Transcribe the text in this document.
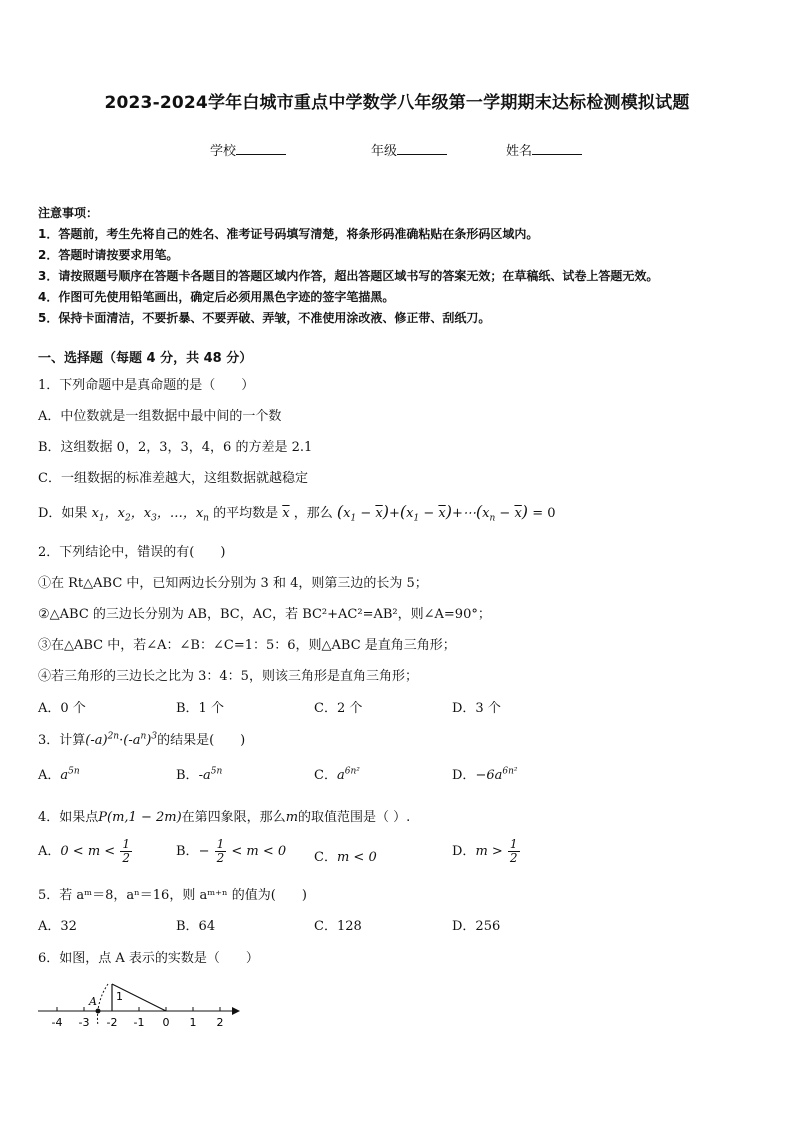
2023-2024学年白城市重点中学数学八年级第一学期期末达标检测模拟试题
学校	年级	姓名
注意事项：
1．答题前，考生先将自己的姓名、准考证号码填写清楚，将条形码准确粘贴在条形码区域内。
2．答题时请按要求用笔。
3．请按照题号顺序在答题卡各题目的答题区域内作答，超出答题区域书写的答案无效；在草稿纸、试卷上答题无效。
4．作图可先使用铅笔画出，确定后必须用黑色字迹的签字笔描黑。
5．保持卡面清洁，不要折暴、不要弄破、弄皱，不准使用涂改液、修正带、刮纸刀。
一、选择题（每题 4 分，共 48 分）
1．下列命题中是真命题的是（　　）
A．中位数就是一组数据中最中间的一个数
B．这组数据 0，2，3，3，4，6 的方差是 2.1
C．一组数据的标准差越大，这组数据就越稳定
D．如果 $x_1$，$x_2$，$x_3$，…，$x_n$ 的平均数是 $\overline{x}$ ，那么 $(x_1 - \overline{x})+(x_1$ − $\overline{x})+\cdots(x_n - \overline{x}) = 0$
2．下列结论中，错误的有(　　)
①在 Rt△ABC 中，已知两边长分别为 3 和 4，则第三边的长为 5；
②△ABC 的三边长分别为 AB，BC，AC，若 BC²+AC²=AB²，则∠A=90°；
③在△ABC 中，若∠A：∠B：∠C=1：5：6，则△ABC 是直角三角形；
④若三角形的三边长之比为 3：4：5，则该三角形是直角三角形；
A．0 个	B．1 个	C．2 个	D．3 个
3．计算$(-a)^{2n}\cdot(-a^n)^3$的结果是(　　)
A．$a^{5n}$	B．$-a^{5n}$	C．$a^{6n^2}$	D．$-6a^{6n^2}$
4．如果点P(m,1 − 2m)在第四象限，那么m的取值范围是（ ）.
A．$0 < m < \frac{1}{2}$	B．− $\frac{1}{2} < m < 0$ C．m < 0	D．$m > \frac{1}{2}$
5．若 aᵐ＝8，aⁿ＝16，则 aᵐ⁺ⁿ 的值为(　　)
A．32	B．64	C．128	D．256
6．如图，点 A 表示的实数是（　　）
A 1
-4 -3 -2 -1 0 1 2
